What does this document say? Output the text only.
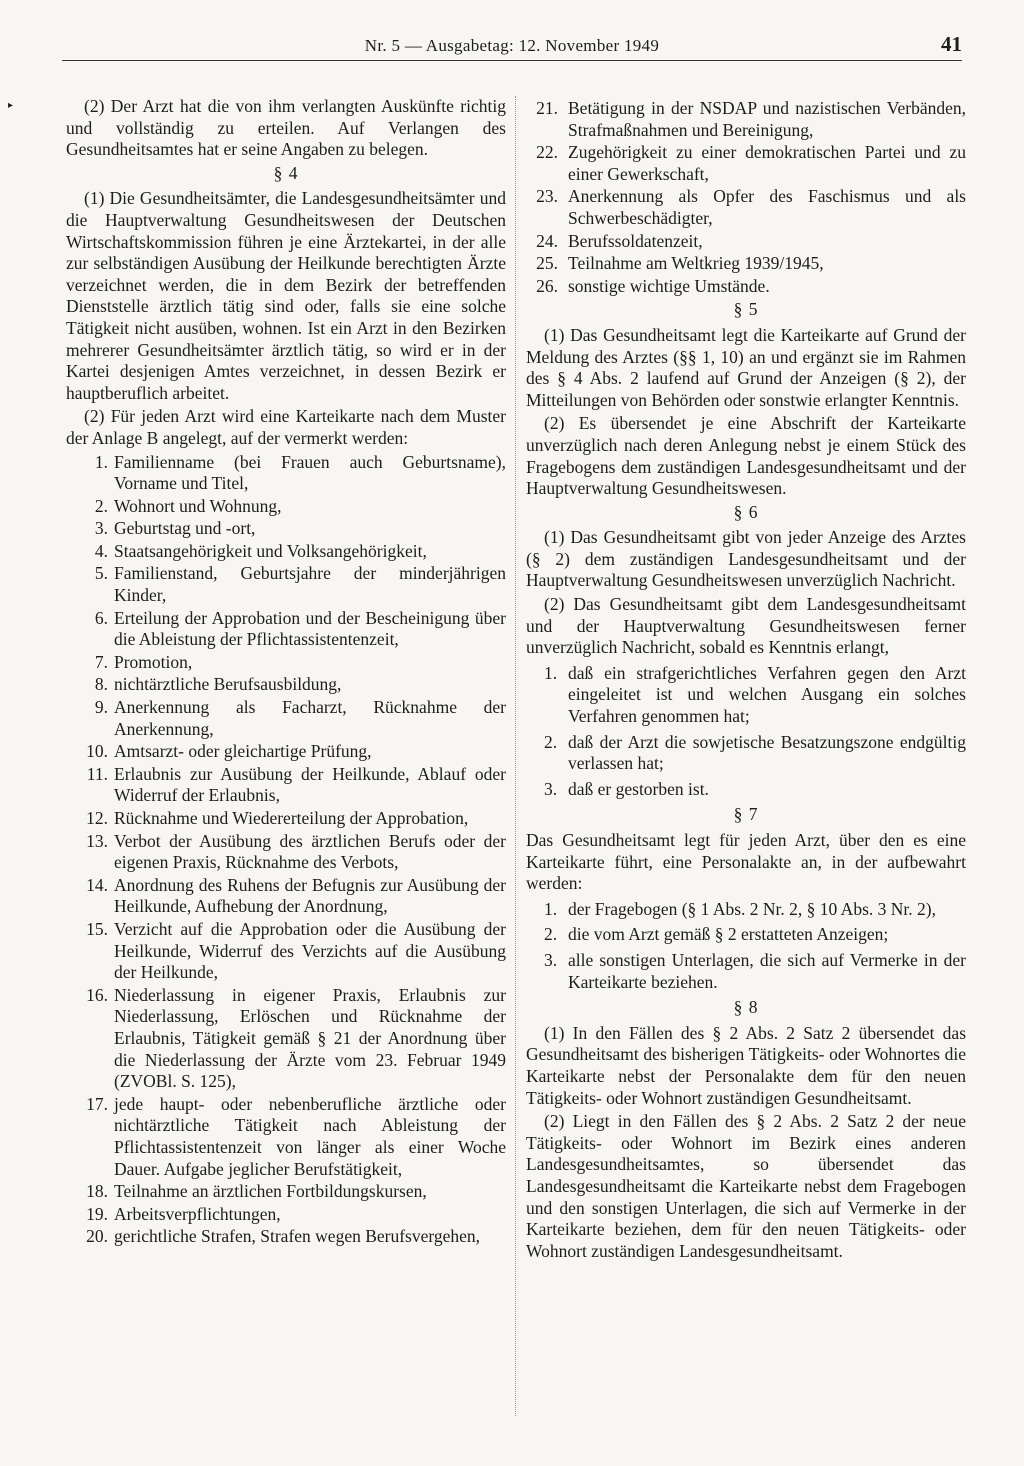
Nr. 5 — Ausgabetag: 12. November 1949	41
▸	(2) Der Arzt hat die von ihm verlangten Auskünfte richtig und vollständig zu erteilen. Auf Verlangen des Gesundheitsamtes hat er seine Angaben zu belegen.

§ 4

(1) Die Gesundheitsämter, die Landesgesundheitsämter und die Hauptverwaltung Gesundheitswesen der Deutschen Wirtschaftskommission führen je eine Ärztekartei, in der alle zur selbständigen Ausübung der Heilkunde berechtigten Ärzte verzeichnet werden, die in dem Bezirk der betreffenden Dienststelle ärztlich tätig sind oder, falls sie eine solche Tätigkeit nicht ausüben, wohnen. Ist ein Arzt in den Bezirken mehrerer Gesundheitsämter ärztlich tätig, so wird er in der Kartei desjenigen Amtes verzeichnet, in dessen Bezirk er hauptberuflich arbeitet.

(2) Für jeden Arzt wird eine Karteikarte nach dem Muster der Anlage B angelegt, auf der vermerkt werden:

1. Familienname (bei Frauen auch Geburtsname), Vorname und Titel,
2. Wohnort und Wohnung,
3. Geburtstag und -ort,
4. Staatsangehörigkeit und Volksangehörigkeit,
5. Familienstand, Geburtsjahre der minderjährigen Kinder,
6. Erteilung der Approbation und der Bescheinigung über die Ableistung der Pflichtassistentenzeit,
7. Promotion,
8. nichtärztliche Berufsausbildung,
9. Anerkennung als Facharzt, Rücknahme der Anerkennung,
10. Amtsarzt- oder gleichartige Prüfung,
11. Erlaubnis zur Ausübung der Heilkunde, Ablauf oder Widerruf der Erlaubnis,
12. Rücknahme und Wiedererteilung der Approbation,
13. Verbot der Ausübung des ärztlichen Berufs oder der eigenen Praxis, Rücknahme des Verbots,
14. Anordnung des Ruhens der Befugnis zur Ausübung der Heilkunde, Aufhebung der Anordnung,
15. Verzicht auf die Approbation oder die Ausübung der Heilkunde, Widerruf des Verzichts auf die Ausübung der Heilkunde,
16. Niederlassung in eigener Praxis, Erlaubnis zur Niederlassung, Erlöschen und Rücknahme der Erlaubnis, Tätigkeit gemäß § 21 der Anordnung über die Niederlassung der Ärzte vom 23. Februar 1949 (ZVOBl. S. 125),
17. jede haupt- oder nebenberufliche ärztliche oder nichtärztliche Tätigkeit nach Ableistung der Pflichtassistentenzeit von länger als einer Woche Dauer. Aufgabe jeglicher Berufstätigkeit,
18. Teilnahme an ärztlichen Fortbildungskursen,
19. Arbeitsverpflichtungen,
20. gerichtliche Strafen, Strafen wegen Berufsvergehen,
21. Betätigung in der NSDAP und nazistischen Verbänden, Strafmaßnahmen und Bereinigung,
22. Zugehörigkeit zu einer demokratischen Partei und zu einer Gewerkschaft,
23. Anerkennung als Opfer des Faschismus und als Schwerbeschädigter,
24. Berufssoldatenzeit,
25. Teilnahme am Weltkrieg 1939/1945,
26. sonstige wichtige Umstände.
§ 5

(1) Das Gesundheitsamt legt die Karteikarte auf Grund der Meldung des Arztes (§§ 1, 10) an und ergänzt sie im Rahmen des § 4 Abs. 2 laufend auf Grund der Anzeigen (§ 2), der Mitteilungen von Behörden oder sonstwie erlangter Kenntnis.

(2) Es übersendet je eine Abschrift der Karteikarte unverzüglich nach deren Anlegung nebst je einem Stück des Fragebogens dem zuständigen Landesgesundheitsamt und der Hauptverwaltung Gesundheitswesen.

§ 6

(1) Das Gesundheitsamt gibt von jeder Anzeige des Arztes (§ 2) dem zuständigen Landesgesundheitsamt und der Hauptverwaltung Gesundheitswesen unverzüglich Nachricht.

(2) Das Gesundheitsamt gibt dem Landesgesundheitsamt und der Hauptverwaltung Gesundheitswesen ferner unverzüglich Nachricht, sobald es Kenntnis erlangt,

1. daß ein strafgerichtliches Verfahren gegen den Arzt eingeleitet ist und welchen Ausgang ein solches Verfahren genommen hat;
2. daß der Arzt die sowjetische Besatzungszone endgültig verlassen hat;
3. daß er gestorben ist.
§ 7

Das Gesundheitsamt legt für jeden Arzt, über den es eine Karteikarte führt, eine Personalakte an, in der aufbewahrt werden:

1. der Fragebogen (§ 1 Abs. 2 Nr. 2, § 10 Abs. 3 Nr. 2),
2. die vom Arzt gemäß § 2 erstatteten Anzeigen;
3. alle sonstigen Unterlagen, die sich auf Vermerke in der Karteikarte beziehen.
§ 8

(1) In den Fällen des § 2 Abs. 2 Satz 2 übersendet das Gesundheitsamt des bisherigen Tätigkeits- oder Wohnortes die Karteikarte nebst der Personalakte dem für den neuen Tätigkeits- oder Wohnort zuständigen Gesundheitsamt.

(2) Liegt in den Fällen des § 2 Abs. 2 Satz 2 der neue Tätigkeits- oder Wohnort im Bezirk eines anderen Landesgesundheitsamtes, so übersendet das Landesgesundheitsamt die Karteikarte nebst dem Fragebogen und den sonstigen Unterlagen, die sich auf Vermerke in der Karteikarte beziehen, dem für den neuen Tätigkeits- oder Wohnort zuständigen Landesgesundheitsamt.
